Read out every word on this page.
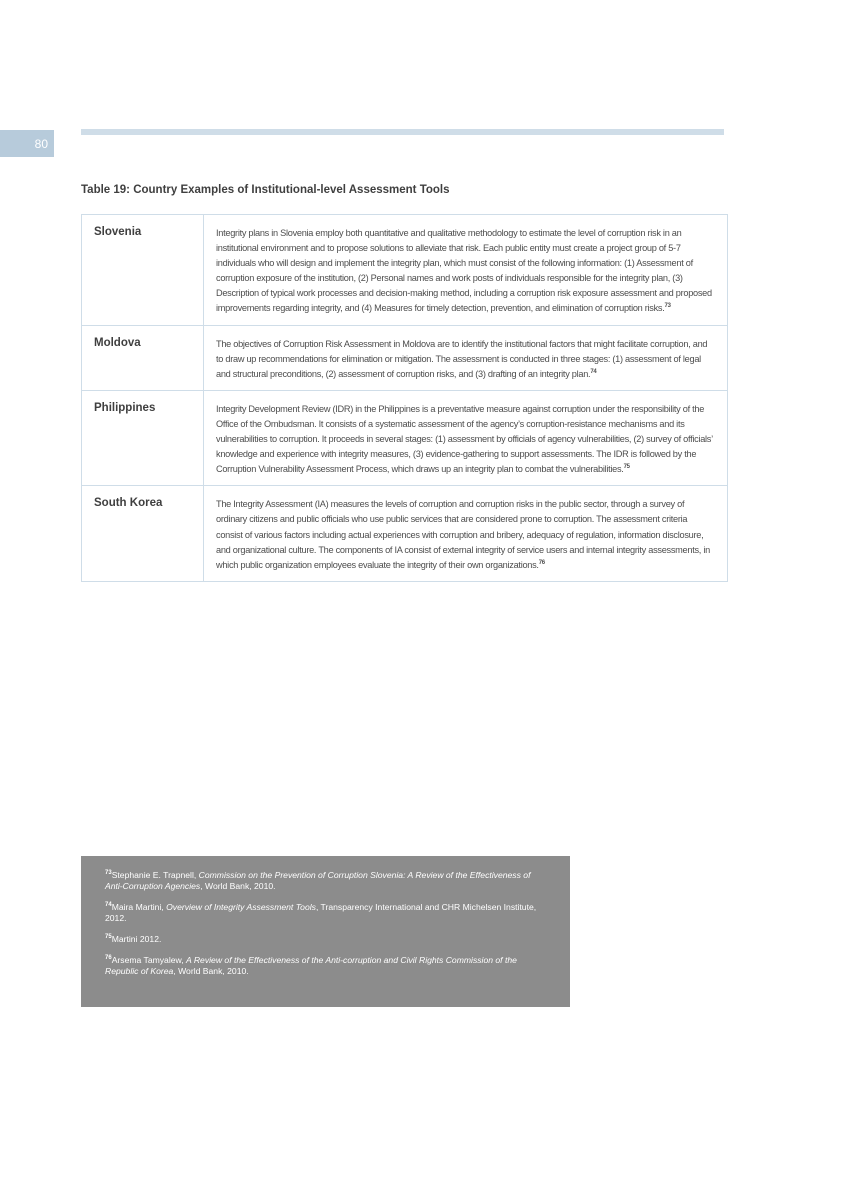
80
Table 19: Country Examples of Institutional-level Assessment Tools
Slovenia	Integrity plans in Slovenia employ both quantitative and qualitative methodology to estimate the level of corruption risk in an institutional environment and to propose solutions to alleviate that risk. Each public entity must create a project group of 5-7 individuals who will design and implement the integrity plan, which must consist of the following information: (1) Assessment of corruption exposure of the institution, (2) Personal names and work posts of individuals responsible for the integrity plan, (3) Description of typical work processes and decision-making method, including a corruption risk exposure assessment and proposed improvements regarding integrity, and (4) Measures for timely detection, prevention, and elimination of corruption risks.$^{73}$
Moldova	The objectives of Corruption Risk Assessment in Moldova are to identify the institutional factors that might facilitate corruption, and to draw up recommendations for elimination or mitigation. The assessment is conducted in three stages: (1) assessment of legal and structural preconditions, (2) assessment of corruption risks, and (3) drafting of an integrity plan.$^{74}$
Philippines	Integrity Development Review (IDR) in the Philippines is a preventative measure against corruption under the responsibility of the Office of the Ombudsman. It consists of a systematic assessment of the agency’s corruption-resistance mechanisms and its vulnerabilities to corruption. It proceeds in several stages: (1) assessment by officials of agency vulnerabilities, (2) survey of officials’ knowledge and experience with integrity measures, (3) evidence-gathering to support assessments. The IDR is followed by the Corruption Vulnerability Assessment Process, which draws up an integrity plan to combat the vulnerabilities.$^{75}$
South Korea	The Integrity Assessment (IA) measures the levels of corruption and corruption risks in the public sector, through a survey of ordinary citizens and public officials who use public services that are considered prone to corruption. The assessment criteria consist of various factors including actual experiences with corruption and bribery, adequacy of regulation, information disclosure, and organizational culture. The components of IA consist of external integrity of service users and internal integrity assessments, in which public organization employees evaluate the integrity of their own organizations.$^{76}$

$^{73}$Stephanie E. Trapnell, Commission on the Prevention of Corruption Slovenia: A Review of the Effectiveness of Anti-Corruption Agencies, World Bank, 2010.

$^{74}$Maira Martini, Overview of Integrity Assessment Tools, Transparency International and CHR Michelsen Institute, 2012.

$^{75}$Martini 2012.

$^{76}$Arsema Tamyalew, A Review of the Effectiveness of the Anti-corruption and Civil Rights Commission of the Republic of Korea, World Bank, 2010.
